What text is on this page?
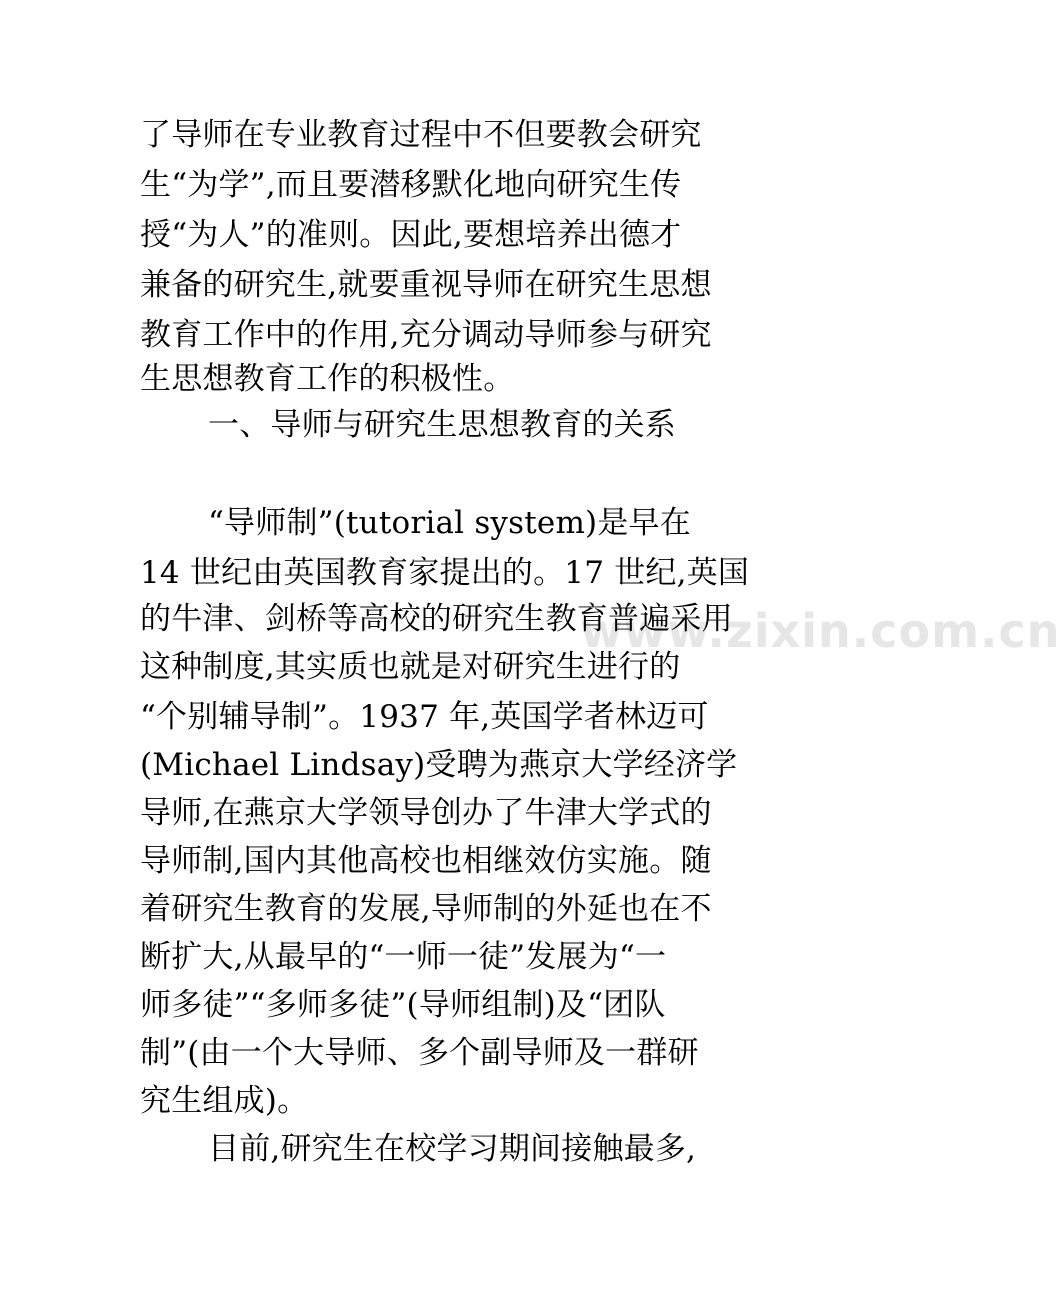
www.zixin.com.cn
了导师在专业教育过程中不但要教会研究
生“为学”,而且要潜移默化地向研究生传
授“为人”的准则。因此,要想培养出德才
兼备的研究生,就要重视导师在研究生思想
教育工作中的作用,充分调动导师参与研究
生思想教育工作的积极性。
一、导师与研究生思想教育的关系
“导师制”(tutorial system)是早在
14 世纪由英国教育家提出的。17 世纪,英国
的牛津、剑桥等高校的研究生教育普遍采用
这种制度,其实质也就是对研究生进行的
“个别辅导制”。1937 年,英国学者林迈可
(Michael Lindsay)受聘为燕京大学经济学
导师,在燕京大学领导创办了牛津大学式的
导师制,国内其他高校也相继效仿实施。随
着研究生教育的发展,导师制的外延也在不
断扩大,从最早的“一师一徒”发展为“一
师多徒”“多师多徒”(导师组制)及“团队
制”(由一个大导师、多个副导师及一群研
究生组成)。
目前,研究生在校学习期间接触最多,
